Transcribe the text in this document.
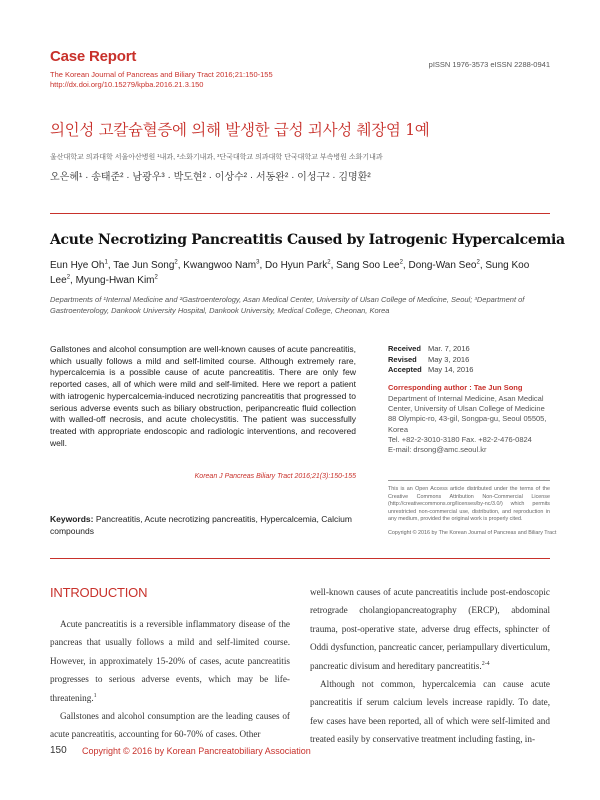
Case Report
The Korean Journal of Pancreas and Biliary Tract 2016;21:150-155
http://dx.doi.org/10.15279/kpba.2016.21.3.150
pISSN 1976-3573 eISSN 2288-0941
의인성 고칼슘혈증에 의해 발생한 급성 괴사성 췌장염 1예
울산대학교 의과대학 서울아산병원 ¹내과, ²소화기내과, ³단국대학교 의과대학 단국대학교 부속병원 소화기내과
오은혜¹ · 송태준² · 남광우³ · 박도현² · 이상수² · 서동완² · 이성구² · 김명환²
Acute Necrotizing Pancreatitis Caused by Iatrogenic Hypercalcemia
Eun Hye Oh$^1$, Tae Jun Song$^2$, Kwangwoo Nam$^3$, Do Hyun Park$^2$, Sang Soo Lee$^2$, Dong-Wan Seo$^2$, Sung Koo Lee$^2$, Myung-Hwan Kim$^2$
Departments of ¹Internal Medicine and ²Gastroenterology, Asan Medical Center, University of Ulsan College of Medicine, Seoul; ³Department of Gastroenterology, Dankook University Hospital, Dankook University, Medical College, Cheonan, Korea
Gallstones and alcohol consumption are well-known causes of acute pancreatitis, which usually follows a mild and self-limited course. Although extremely rare, hypercalcemia is a possible cause of acute pancreatitis. There are only few reported cases, all of which were mild and self-limited. Here we report a patient with iatrogenic hypercalcemia-induced necrotizing pancreatitis that progressed to serious adverse events such as biliary obstruction, peripancreatic fluid collection with walled-off necrosis, and acute cholecystitis. The patient was successfully treated with appropriate endoscopic and radiologic interventions, and recovered well.
Korean J Pancreas Biliary Tract 2016;21(3):150-155
Keywords: Pancreatitis, Acute necrotizing pancreatitis, Hypercalcemia, Calcium compounds
Received Mar. 7, 2016
Revised May 3, 2016
Accepted May 14, 2016
Corresponding author : Tae Jun Song
Department of Internal Medicine, Asan Medical
Center, University of Ulsan College of Medicine
88 Olympic-ro, 43-gil, Songpa-gu, Seoul 05505,
Korea
Tel. +82-2-3010-3180 Fax. +82-2-476-0824
E-mail: drsong@amc.seoul.kr
This is an Open Access article distributed under the terms of the Creative Commons Attribution Non-Commercial License (http://creativecommons.org/licenses/by-nc/3.0/) which permits unrestricted non-commercial use, distribution, and reproduction in any medium, provided the original work is properly cited.
Copyright © 2016 by The Korean Journal of Pancreas and Biliary Tract
INTRODUCTION
Acute pancreatitis is a reversible inflammatory disease of the pancreas that usually follows a mild and self-limited course. However, in approximately 15-20% of cases, acute pancreatitis progresses to serious adverse events, which may be life-threatening.$^1$
Gallstones and alcohol consumption are the leading causes of acute pancreatitis, accounting for 60-70% of cases. Other
well-known causes of acute pancreatitis include post-endoscopic retrograde cholangiopancreatography (ERCP), abdominal trauma, post-operative state, adverse drug effects, sphincter of Oddi dysfunction, pancreatic cancer, periampullary diverticulum, pancreatic divisum and hereditary pancreatitis.$^{2-4}$
Although not common, hypercalcemia can cause acute pancreatitis if serum calcium levels increase rapidly. To date, few cases have been reported, all of which were self-limited and treated easily by conservative treatment including fasting, in-
150 Copyright © 2016 by Korean Pancreatobiliary Association
